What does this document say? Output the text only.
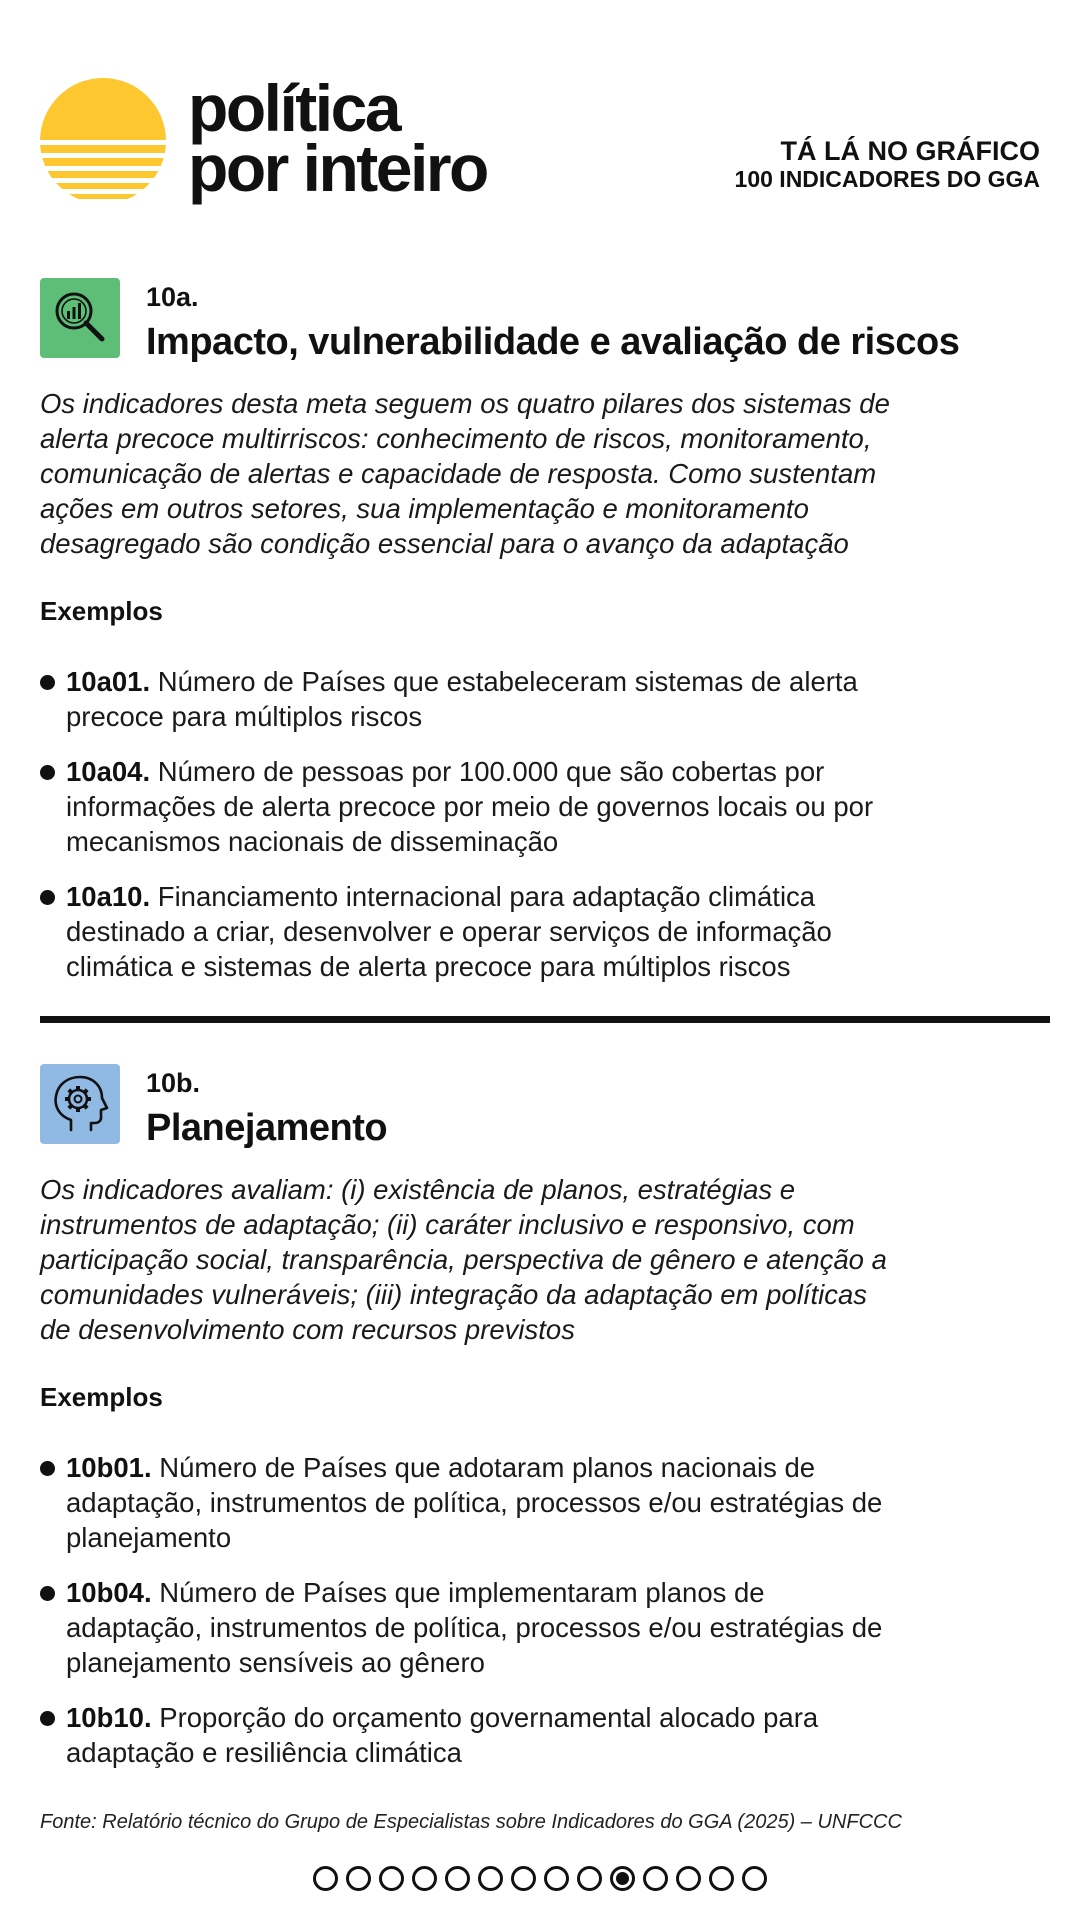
política
por inteiro	TÁ LÁ NO GRÁFICO
100 INDICADORES DO GGA
10a.
Impacto, vulnerabilidade e avaliação de riscos
Os indicadores desta meta seguem os quatro pilares dos sistemas de
alerta precoce multirriscos: conhecimento de riscos, monitoramento,
comunicação de alertas e capacidade de resposta. Como sustentam
ações em outros setores, sua implementação e monitoramento
desagregado são condição essencial para o avanço da adaptação
Exemplos
10a01. Número de Países que estabeleceram sistemas de alerta
precoce para múltiplos riscos
10a04. Número de pessoas por 100.000 que são cobertas por
informações de alerta precoce por meio de governos locais ou por
mecanismos nacionais de disseminação
10a10. Financiamento internacional para adaptação climática
destinado a criar, desenvolver e operar serviços de informação
climática e sistemas de alerta precoce para múltiplos riscos
10b.
Planejamento
Os indicadores avaliam: (i) existência de planos, estratégias e
instrumentos de adaptação; (ii) caráter inclusivo e responsivo, com
participação social, transparência, perspectiva de gênero e atenção a
comunidades vulneráveis; (iii) integração da adaptação em políticas
de desenvolvimento com recursos previstos
Exemplos
10b01. Número de Países que adotaram planos nacionais de
adaptação, instrumentos de política, processos e/ou estratégias de
planejamento
10b04. Número de Países que implementaram planos de
adaptação, instrumentos de política, processos e/ou estratégias de
planejamento sensíveis ao gênero
10b10. Proporção do orçamento governamental alocado para
adaptação e resiliência climática
Fonte: Relatório técnico do Grupo de Especialistas sobre Indicadores do GGA (2025) – UNFCCC
